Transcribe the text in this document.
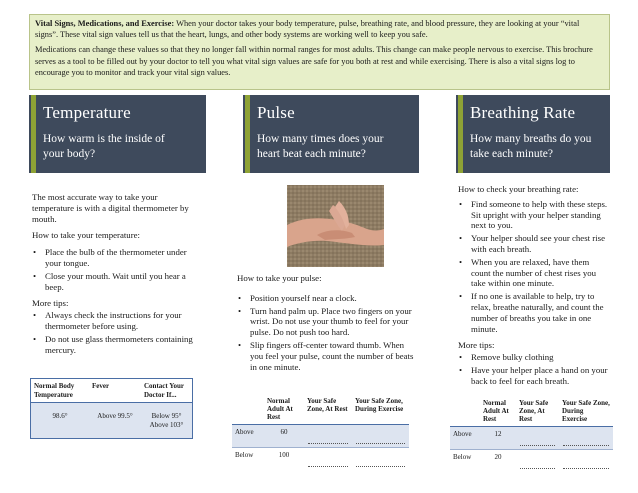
Vital Signs, Medications, and Exercise: When your doctor takes your body temperature, pulse, breathing rate, and blood pressure, they are looking at your “vital signs”. These vital sign values tell us that the heart, lungs, and other body systems are working well to keep you safe.

Medications can change these values so that they no longer fall within normal ranges for most adults. This change can make people nervous to exercise. This brochure serves as a tool to be filled out by your doctor to tell you what vital sign values are safe for you both at rest and while exercising. There is also a vital signs log to encourage you to monitor and track your vital sign values.

Temperature
How warm is the inside of your body?
Pulse
How many times does your heart beat each minute?
Breathing Rate
How many breaths do you take each minute?

The most accurate way to take your temperature is with a digital thermometer by mouth.

How to take your temperature:

• Place the bulb of the thermometer under your tongue.
• Close your mouth. Wait until you hear a beep.

More tips:

• Always check the instructions for your thermometer before using.
• Do not use glass thermometers containing mercury.
Normal Body Temperature	Fever	Contact Your Doctor If...
98.6°	Above 99.5°	Below 95°
Above 103°

How to take your pulse:

• Position yourself near a clock.
• Turn hand palm up. Place two fingers on your wrist. Do not use your thumb to feel for your pulse. Do not push too hard.
• Slip fingers off-center toward thumb. When you feel your pulse, count the number of beats in one minute.
	Normal Adult At Rest	Your Safe Zone, At Rest	Your Safe Zone, During Exercise
Above	60		
Below	100		

How to check your breathing rate:

• Find someone to help with these steps. Sit upright with your helper standing next to you.
• Your helper should see your chest rise with each breath.
• When you are relaxed, have them count the number of chest rises you take within one minute.
• If no one is available to help, try to relax, breathe naturally, and count the number of breaths you take in one minute.

More tips:

• Remove bulky clothing
• Have your helper place a hand on your back to feel for each breath.
	Normal Adult At Rest	Your Safe Zone, At Rest	Your Safe Zone, During Exercise
Above	12		
Below	20		
